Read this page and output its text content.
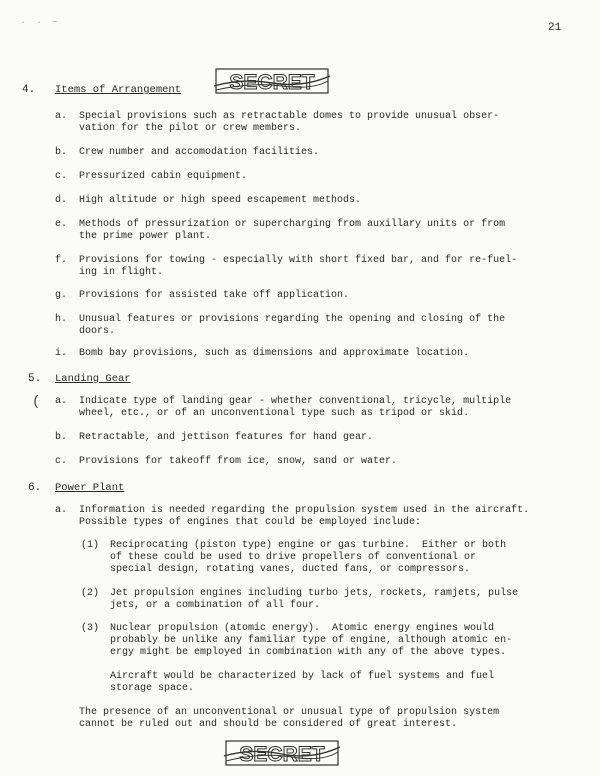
· · ~	21
SECRET
4. Items of Arrangement
a. Special provisions such as retractable domes to provide unusual obser-
vation for the pilot or crew members.
b. Crew number and accomodation facilities.
c. Pressurized cabin equipment.
d. High altitude or high speed escapement methods.
e. Methods of pressurization or supercharging from auxillary units or from
the prime power plant.
f. Provisions for towing - especially with short fixed bar, and for re-fuel-
ing in flight.
g. Provisions for assisted take off application.
h. Unusual features or provisions regarding the opening and closing of the
doors.
i. Bomb bay provisions, such as dimensions and approximate location.
5. Landing Gear
( a. Indicate type of landing gear - whether conventional, tricycle, multiple
wheel, etc., or of an unconventional type such as tripod or skid.
b. Retractable, and jettison features for hand gear.
c. Provisions for takeoff from ice, snow, sand or water.
6. Power Plant
a. Information is needed regarding the propulsion system used in the aircraft.
Possible types of engines that could be employed include:
(1) Reciprocating (piston type) engine or gas turbine.  Either or both
of these could be used to drive propellers of conventional or
special design, rotating vanes, ducted fans, or compressors.
(2) Jet propulsion engines including turbo jets, rockets, ramjets, pulse
jets, or a combination of all four.
(3) Nuclear propulsion (atomic energy).  Atomic energy engines would
probably be unlike any familiar type of engine, although atomic en-
ergy might be employed in combination with any of the above types.
Aircraft would be characterized by lack of fuel systems and fuel
storage space.
The presence of an unconventional or unusual type of propulsion system
cannot be ruled out and should be considered of great interest.
SECRET
